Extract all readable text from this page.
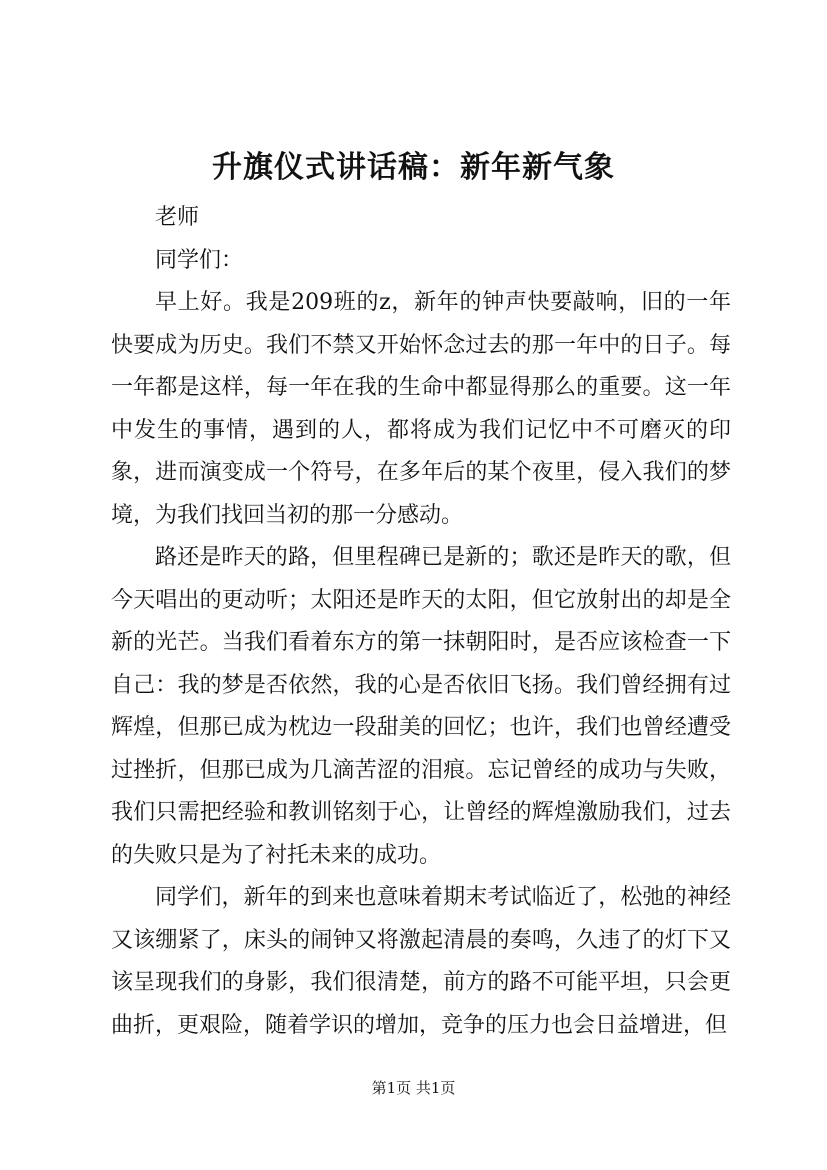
升旗仪式讲话稿：新年新气象

老师

同学们：

早上好。我是209班的z，新年的钟声快要敲响，旧的一年快要成为历史。我们不禁又开始怀念过去的那一年中的日子。每一年都是这样，每一年在我的生命中都显得那么的重要。这一年中发生的事情，遇到的人，都将成为我们记忆中不可磨灭的印象，进而演变成一个符号，在多年后的某个夜里，侵入我们的梦境，为我们找回当初的那一分感动。

路还是昨天的路，但里程碑已是新的；歌还是昨天的歌，但今天唱出的更动听；太阳还是昨天的太阳，但它放射出的却是全新的光芒。当我们看着东方的第一抹朝阳时，是否应该检查一下自己：我的梦是否依然，我的心是否依旧飞扬。我们曾经拥有过辉煌，但那已成为枕边一段甜美的回忆；也许，我们也曾经遭受过挫折，但那已成为几滴苦涩的泪痕。忘记曾经的成功与失败，我们只需把经验和教训铭刻于心，让曾经的辉煌激励我们，过去的失败只是为了衬托未来的成功。

同学们，新年的到来也意味着期末考试临近了，松弛的神经又该绷紧了，床头的闹钟又将激起清晨的奏鸣，久违了的灯下又该呈现我们的身影，我们很清楚，前方的路不可能平坦，只会更曲折，更艰险，随着学识的增加，竞争的压力也会日益增进，但

第1页 共1页
